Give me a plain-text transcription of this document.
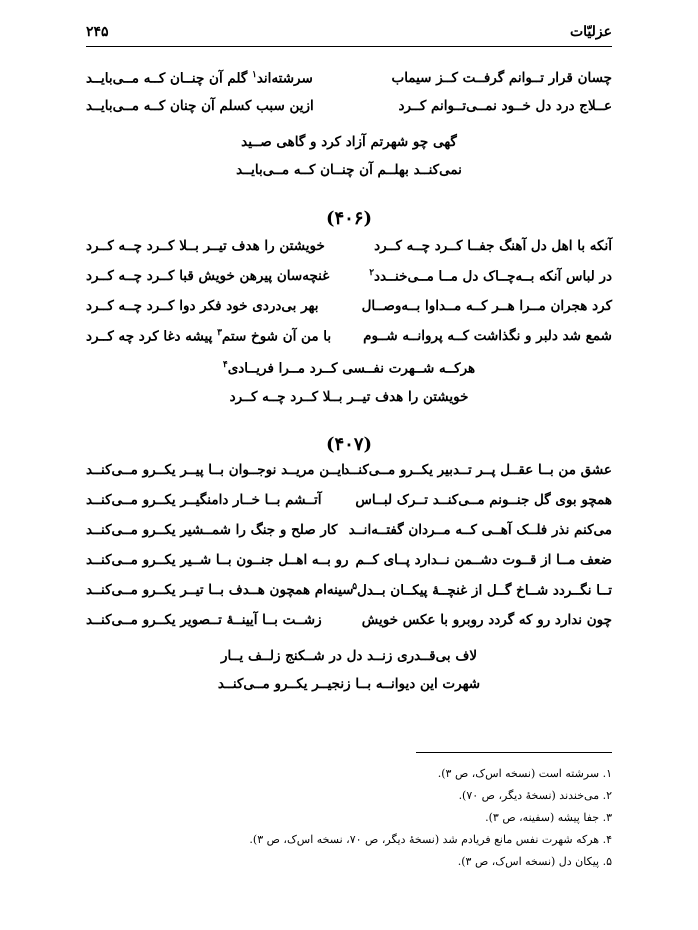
۲۴۵	عزلیّات
چسان قرار تــوانم گرفــت کــز سیماب
سرشته‌اند$^۱$ گلم آن چنــان کــه مــی‌بایــد
عــلاج درد دل خــود نمــی‌تــوانم کــرد
ازین سبب کسلم آن چنان کــه مــی‌بایــد
گهی چو شهرتم آزاد کرد و گاهی صــید
نمی‌کنــد بهلــم آن چنــان کــه مــی‌بایــد
(۴۰۶)
آنکه با اهل دل آهنگ جفــا کــرد چــه کــرد
خویشتن را هدف تیــر بــلا کــرد چــه کــرد
در لباس آنکه بــه‌چــاک دل مــا مــی‌خنــدد$^۲$
غنچه‌سان پیرهن خویش قبا کــرد چــه کــرد
کرد هجران مــرا هــر کــه مــداوا بــه‌وصــال
بهر بی‌دردی خود فکر دوا کــرد چــه کــرد
شمع شد دلبر و نگذاشت کــه پروانــه شــوم
با من آن شوخ ستم$^۳$ پیشه دغا کرد چه کــرد
هرکــه شــهرت نفــسی کــرد مــرا فریــادی$^۴$
خویشتن را هدف تیــر بــلا کــرد چــه کــرد
(۴۰۷)
عشق من بــا عقــل پــر تــدبیر یکــرو مــی‌کنــد
ایــن مریــد نوجــوان بــا پیــر یکــرو مــی‌کنــد
همچو بوی گل جنــونم مــی‌کنــد تــرک لبــاس
آتــشم بــا خــار دامنگیــر یکــرو مــی‌کنــد
می‌کنم نذر فلــک آهــی کــه مــردان گفتــه‌انــد
کار صلح و جنگ را شمــشیر یکــرو مــی‌کنــد
ضعف مــا از قــوت دشــمن نــدارد پــای کــم
رو بــه اهــل جنــون بــا شــیر یکــرو مــی‌کنــد
تــا نگــردد شــاخ گــل از غنچــهٔ پیکــان بــدل$^۵$
سینه‌ام همچون هــدف بــا تیــر یکــرو مــی‌کنــد
چون ندارد رو که گردد روبرو با عکس خویش
زشــت بــا آیینــهٔ تــصویر یکــرو مــی‌کنــد
لاف بی‌قــدری زنــد دل در شــکنج زلــف یــار
شهرت این دیوانــه بــا زنجیــر یکــرو مــی‌کنــد
۱. سرشته است (نسخه اس‌ک، ص ۳).
۲. می‌خندند (نسخهٔ دیگر، ص ۷۰).
۳. جفا پیشه (سفینه، ص ۳).
۴. هرکه شهرت نفس مانع فریادم شد (نسخهٔ دیگر، ص ۷۰، نسخه اس‌ک، ص ۳).
۵. پیکان دل (نسخه اس‌ک، ص ۳).
